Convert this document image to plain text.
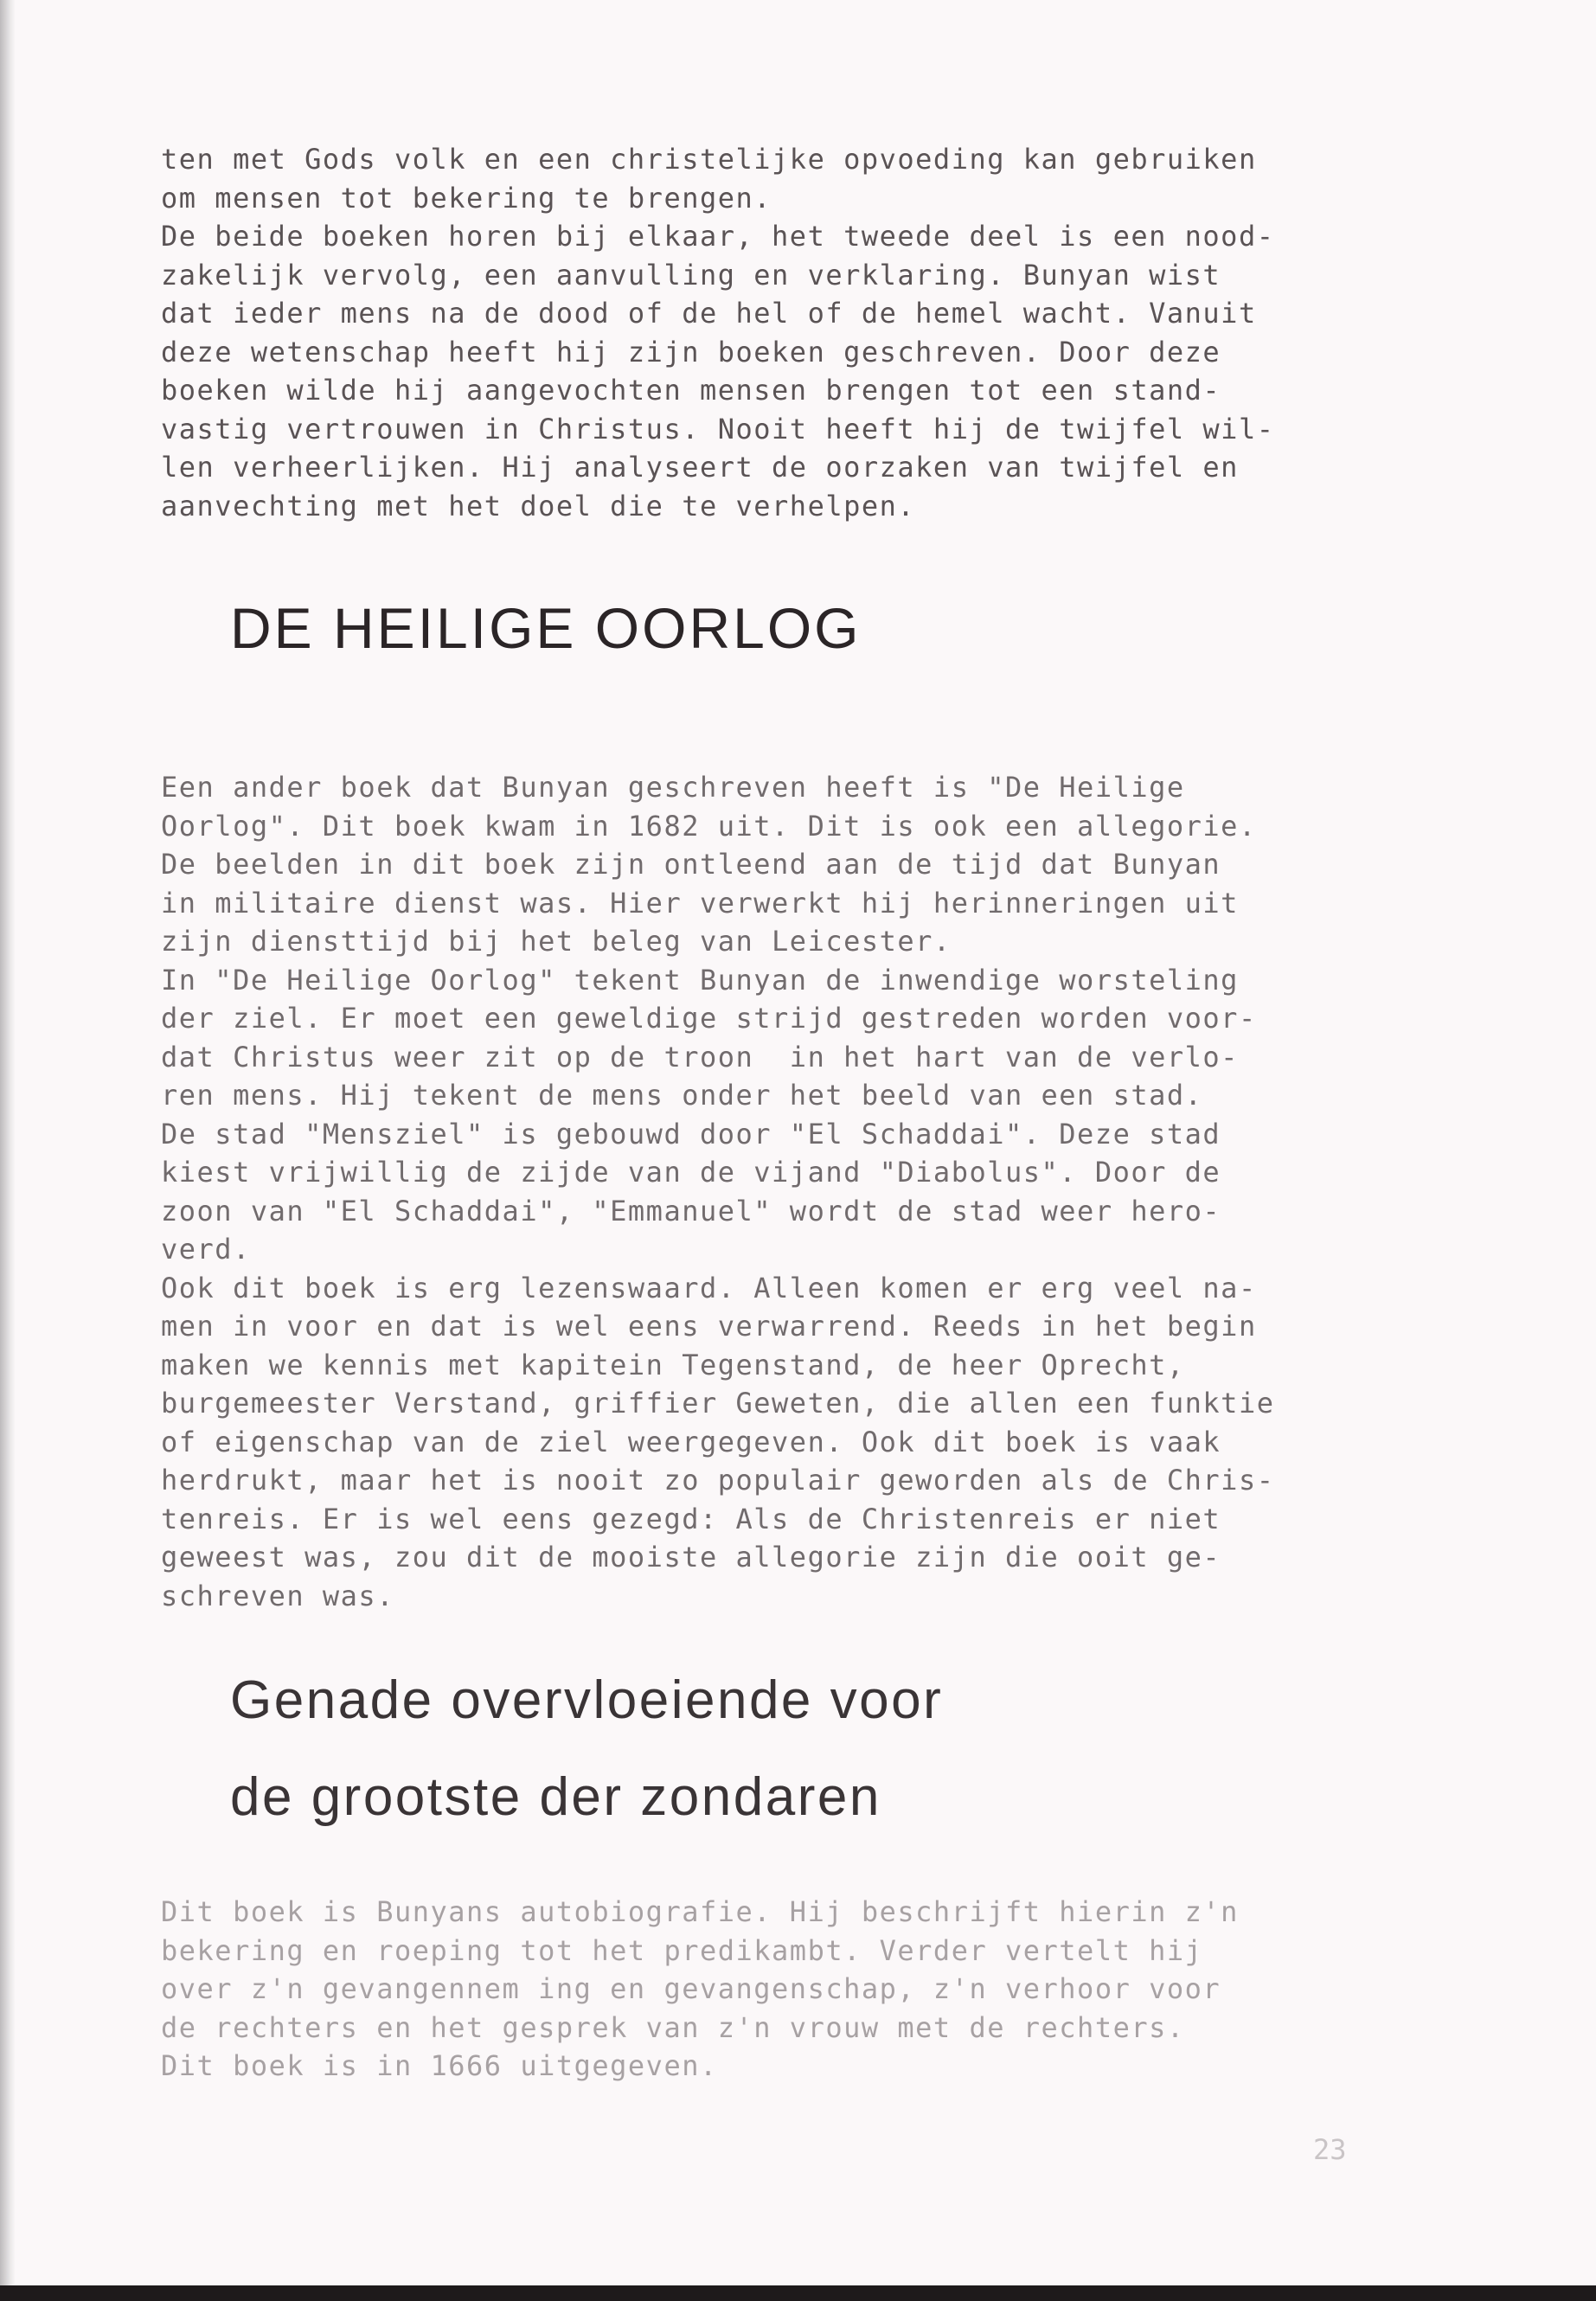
ten met Gods volk en een christelijke opvoeding kan gebruiken
om mensen tot bekering te brengen.
De beide boeken horen bij elkaar, het tweede deel is een nood-
zakelijk vervolg, een aanvulling en verklaring. Bunyan wist
dat ieder mens na de dood of de hel of de hemel wacht. Vanuit
deze wetenschap heeft hij zijn boeken geschreven. Door deze
boeken wilde hij aangevochten mensen brengen tot een stand-
vastig vertrouwen in Christus. Nooit heeft hij de twijfel wil-
len verheerlijken. Hij analyseert de oorzaken van twijfel en
aanvechting met het doel die te verhelpen.

DE HEILIGE OORLOG

Een ander boek dat Bunyan geschreven heeft is "De Heilige
Oorlog". Dit boek kwam in 1682 uit. Dit is ook een allegorie.
De beelden in dit boek zijn ontleend aan de tijd dat Bunyan
in militaire dienst was. Hier verwerkt hij herinneringen uit
zijn diensttijd bij het beleg van Leicester.
In "De Heilige Oorlog" tekent Bunyan de inwendige worsteling
der ziel. Er moet een geweldige strijd gestreden worden voor-
dat Christus weer zit op de troon  in het hart van de verlo-
ren mens. Hij tekent de mens onder het beeld van een stad.
De stad "Mensziel" is gebouwd door "El Schaddai". Deze stad
kiest vrijwillig de zijde van de vijand "Diabolus". Door de
zoon van "El Schaddai", "Emmanuel" wordt de stad weer hero-
verd.
Ook dit boek is erg lezenswaard. Alleen komen er erg veel na-
men in voor en dat is wel eens verwarrend. Reeds in het begin
maken we kennis met kapitein Tegenstand, de heer Oprecht,
burgemeester Verstand, griffier Geweten, die allen een funktie
of eigenschap van de ziel weergegeven. Ook dit boek is vaak
herdrukt, maar het is nooit zo populair geworden als de Chris-
tenreis. Er is wel eens gezegd: Als de Christenreis er niet
geweest was, zou dit de mooiste allegorie zijn die ooit ge-
schreven was.

Genade overvloeiende voor
de grootste der zondaren

Dit boek is Bunyans autobiografie. Hij beschrijft hierin z'n
bekering en roeping tot het predikambt. Verder vertelt hij
over z'n gevangennem ing en gevangenschap, z'n verhoor voor
de rechters en het gesprek van z'n vrouw met de rechters.
Dit boek is in 1666 uitgegeven.

23
